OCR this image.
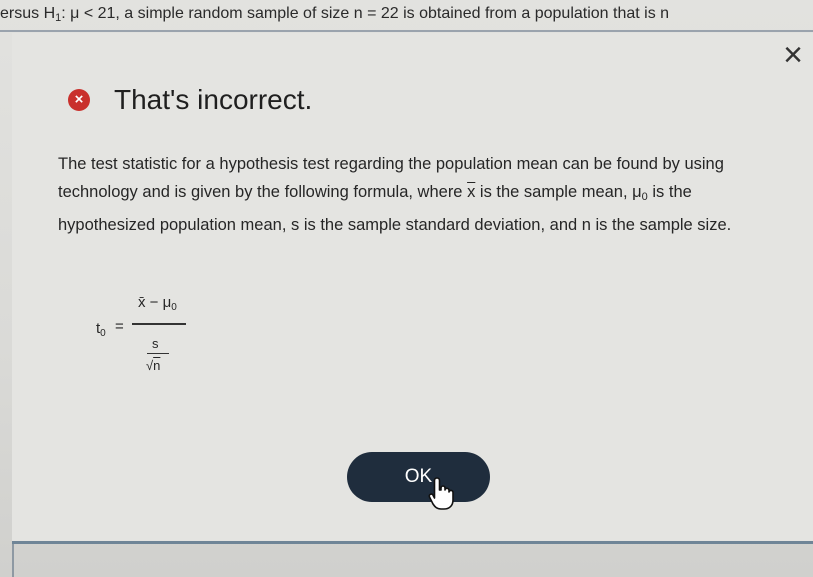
ersus $H_1$: μ < 21, a simple random sample of size n = 22 is obtained from a population that is n
×
× That's incorrect.
The test statistic for a hypothesis test regarding the population mean can be found by using technology and is given by the following formula, where $\overline{x}$ is the sample mean, $\mu_0$ is the hypothesized population mean, s is the sample standard deviation, and n is the sample size.
$t_0$ =
x̄ − $\mu_0$
s
√n
OK
